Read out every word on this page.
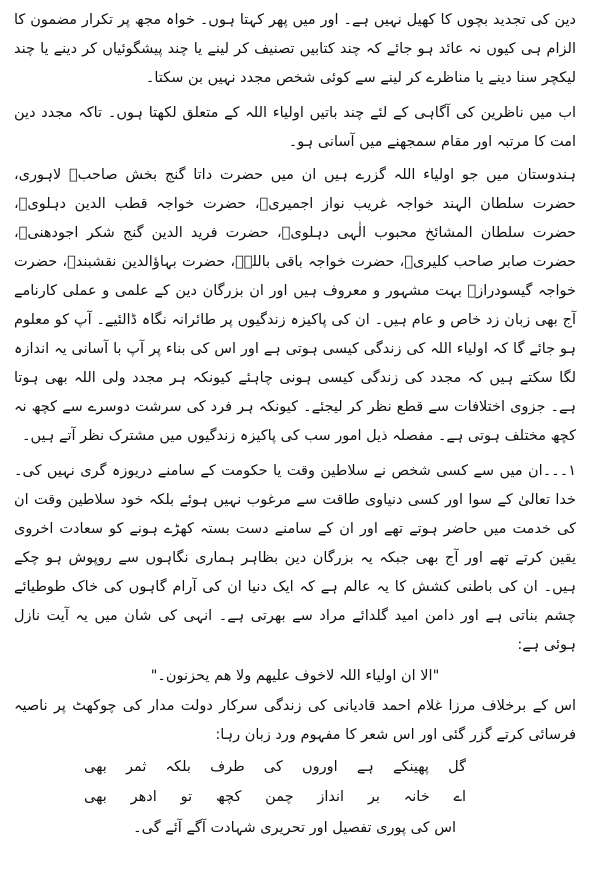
دین کی تجدید بچوں کا کھیل نہیں ہے۔ اور میں پھر کہتا ہوں۔ خواہ مجھ پر تکرار مضمون کا الزام ہی کیوں نہ عائد ہو جائے کہ چند کتابیں تصنیف کر لینے یا چند پیشگوئیاں کر دینے یا چند لیکچر سنا دینے یا مناظرے کر لینے سے کوئی شخص مجدد نہیں بن سکتا۔

اب میں ناظرین کی آگاہی کے لئے چند باتیں اولیاء اللہ کے متعلق لکھتا ہوں۔ تاکہ مجدد دین امت کا مرتبہ اور مقام سمجھنے میں آسانی ہو۔

ہندوستان میں جو اولیاء اللہ گزرے ہیں ان میں حضرت داتا گنج بخش صاحبؒ لاہوری، حضرت سلطان الہند خواجہ غریب نواز اجمیریؒ، حضرت خواجہ قطب الدین دہلویؒ، حضرت سلطان المشائخ محبوب الٰہی دہلویؒ، حضرت فرید الدین گنج شکر اجودھنیؒ، حضرت صابر صاحب کلیریؒ، حضرت خواجہ باقی باللہؒ، حضرت بہاؤالدین نقشبندؒ، حضرت خواجہ گیسودرازؒ بہت مشہور و معروف ہیں اور ان بزرگان دین کے علمی و عملی کارنامے آج بھی زبان زد خاص و عام ہیں۔ ان کی پاکیزہ زندگیوں پر طائرانہ نگاہ ڈالئیے۔ آپ کو معلوم ہو جائے گا کہ اولیاء اللہ کی زندگی کیسی ہوتی ہے اور اس کی بناء پر آپ با آسانی یہ اندازہ لگا سکتے ہیں کہ مجدد کی زندگی کیسی ہونی چاہئے کیونکہ ہر مجدد ولی اللہ بھی ہوتا ہے۔ جزوی اختلافات سے قطع نظر کر لیجئے۔ کیونکہ ہر فرد کی سرشت دوسرے سے کچھ نہ کچھ مختلف ہوتی ہے۔ مفصلہ ذیل امور سب کی پاکیزہ زندگیوں میں مشترک نظر آتے ہیں۔

۱۔۔۔ان میں سے کسی شخص نے سلاطین وقت یا حکومت کے سامنے دریوزہ گری نہیں کی۔ خدا تعالیٰ کے سوا اور کسی دنیاوی طاقت سے مرغوب نہیں ہوئے بلکہ خود سلاطین وقت ان کی خدمت میں حاضر ہوتے تھے اور ان کے سامنے دست بستہ کھڑے ہونے کو سعادت اخروی یقین کرتے تھے اور آج بھی جبکہ یہ بزرگان دین بظاہر ہماری نگاہوں سے روپوش ہو چکے ہیں۔ ان کی باطنی کشش کا یہ عالم ہے کہ ایک دنیا ان کی آرام گاہوں کی خاک طوطیائے چشم بناتی ہے اور دامن امید گلدائے مراد سے بھرتی ہے۔ انہی کی شان میں یہ آیت نازل ہوئی ہے:

"الا ان اولیاء اللہ لاخوف علیھم ولا ھم یحزنون۔"

اس کے برخلاف مرزا غلام احمد قادیانی کی زندگی سرکار دولت مدار کی چوکھٹ پر ناصیہ فرسائی کرتے گزر گئی اور اس شعر کا مفہوم ورد زبان رہا:

گل پھینکے ہے اوروں کی طرف بلکہ ثمر بھی

اے خانہ بر انداز چمن کچھ تو ادھر بھی

اس کی پوری تفصیل اور تحریری شہادت آگے آئے گی۔
